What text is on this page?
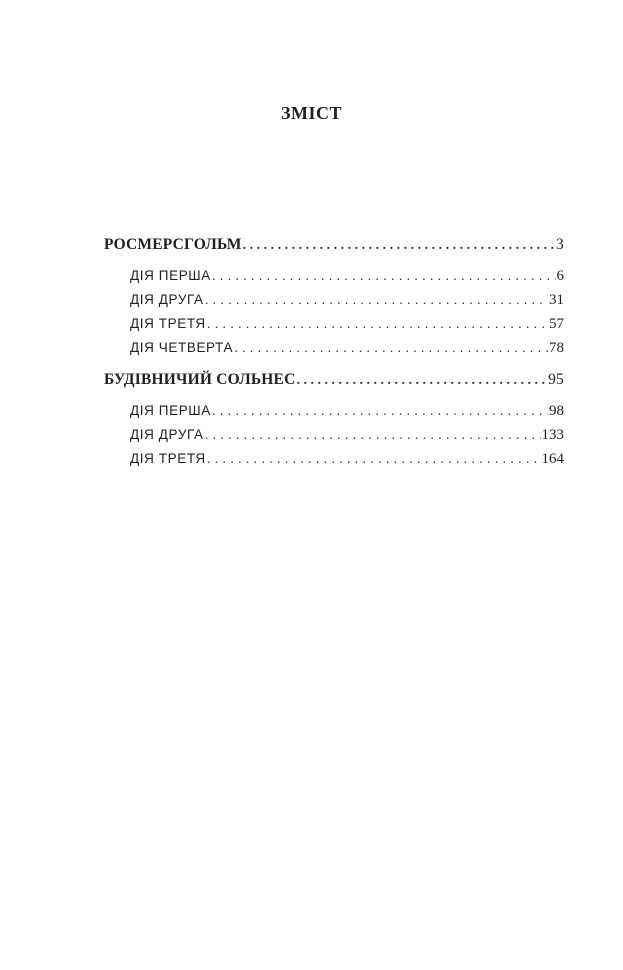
ЗМІСТ
РОСМЕРСГОЛЬМ . . .	3
ДІЯ ПЕРША . . .	6
ДІЯ ДРУГА . . .	31
ДІЯ ТРЕТЯ . . .	57
ДІЯ ЧЕТВЕРТА . . .	78
БУДІВНИЧИЙ СОЛЬНЕС . . .	95
ДІЯ ПЕРША . . .	98
ДІЯ ДРУГА . . .	133
ДІЯ ТРЕТЯ . . .	164
